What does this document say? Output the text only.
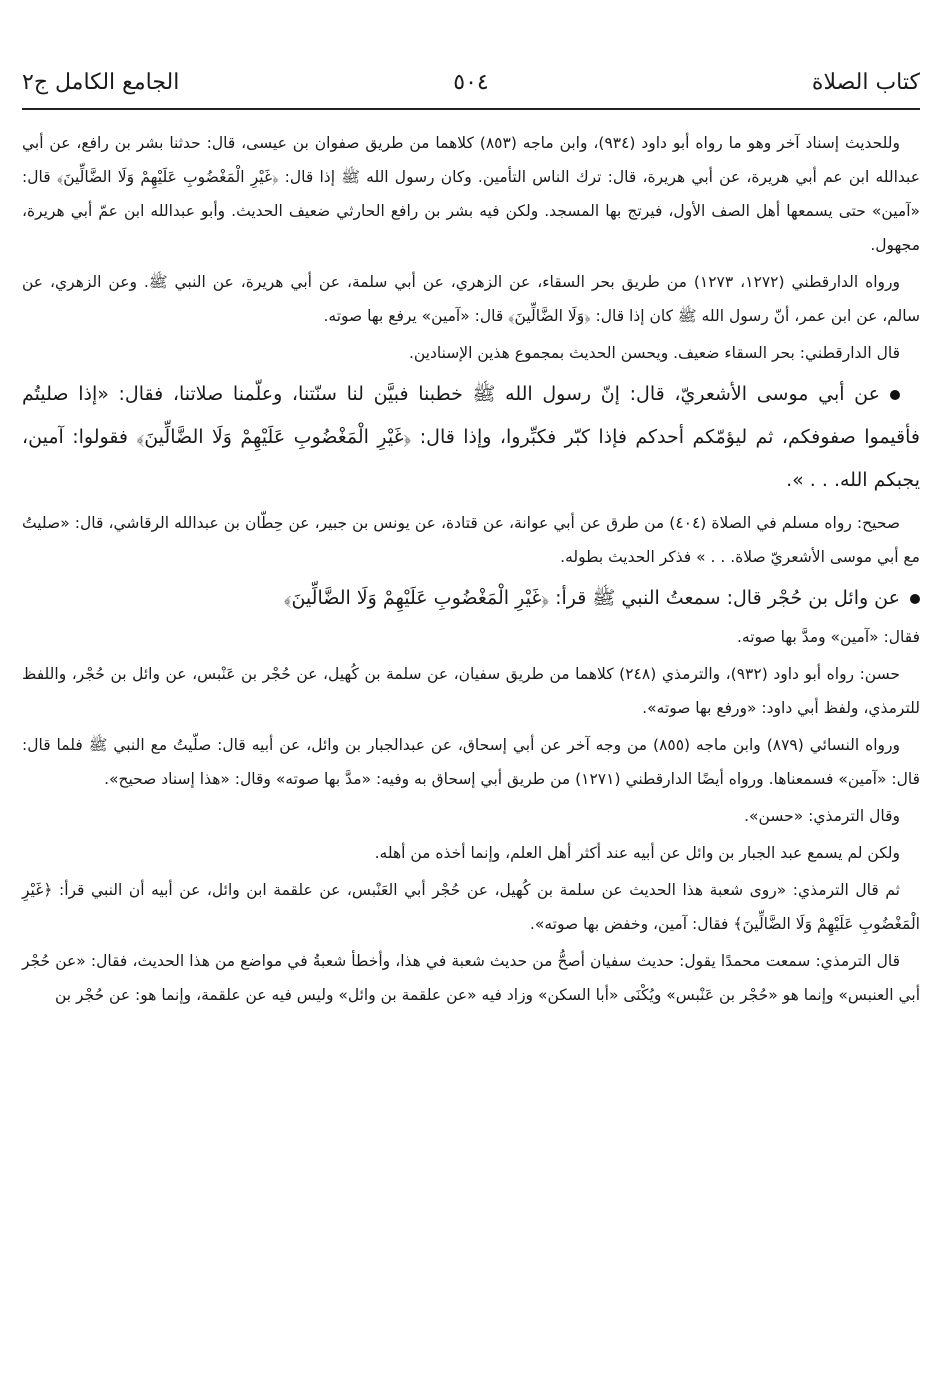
كتاب الصلاة
٥٠٤
الجامع الكامل ج٢

وللحديث إسناد آخر وهو ما رواه أبو داود (٩٣٤)، وابن ماجه (٨٥٣) كلاهما من طريق صفوان بن عيسى، قال: حدثنا بشر بن رافع، عن أبي عبدالله ابن عم أبي هريرة، عن أبي هريرة، قال: ترك الناس التأمين. وكان رسول الله ﷺ إذا قال: ﴿غَيْرِ الْمَغْضُوبِ عَلَيْهِمْ وَلَا الضَّالِّينَ﴾ قال: «آمين» حتى يسمعها أهل الصف الأول، فيرتج بها المسجد. ولكن فيه بشر بن رافع الحارثي ضعيف الحديث. وأبو عبدالله ابن عمّ أبي هريرة، مجهول.

ورواه الدارقطني (١٢٧٢، ١٢٧٣) من طريق بحر السقاء، عن الزهري، عن أبي سلمة، عن أبي هريرة، عن النبي ﷺ. وعن الزهري، عن سالم، عن ابن عمر، أنّ رسول الله ﷺ كان إذا قال: ﴿وَلَا الضَّالِّينَ﴾ قال: «آمين» يرفع بها صوته.

قال الدارقطني: بحر السقاء ضعيف. ويحسن الحديث بمجموع هذين الإسنادين.

عن أبي موسى الأشعريّ، قال: إنّ رسول الله ﷺ خطبنا فبيَّن لنا سنّتنا، وعلّمنا صلاتنا، فقال: «إذا صليتُم فأقيموا صفوفكم، ثم ليؤمّكم أحدكم فإذا كبّر فكبِّروا، وإذا قال: ﴿غَيْرِ الْمَغْضُوبِ عَلَيْهِمْ وَلَا الضَّالِّينَ﴾ فقولوا: آمين، يجبكم الله. . . ».

صحيح: رواه مسلم في الصلاة (٤٠٤) من طرق عن أبي عوانة، عن قتادة، عن يونس بن جبير، عن حِطّان بن عبدالله الرقاشي، قال: «صليتُ مع أبي موسى الأشعريّ صلاة. . . » فذكر الحديث بطوله.

عن وائل بن حُجْر قال: سمعتُ النبي ﷺ قرأ: ﴿غَيْرِ الْمَغْضُوبِ عَلَيْهِمْ وَلَا الضَّالِّينَ﴾

فقال: «آمين» ومدَّ بها صوته.

حسن: رواه أبو داود (٩٣٢)، والترمذي (٢٤٨) كلاهما من طريق سفيان، عن سلمة بن كُهيل، عن حُجْر بن عَنْبس، عن وائل بن حُجْر، واللفظ للترمذي، ولفظ أبي داود: «ورفع بها صوته».

ورواه النسائي (٨٧٩) وابن ماجه (٨٥٥) من وجه آخر عن أبي إسحاق، عن عبدالجبار بن وائل، عن أبيه قال: صلّيتُ مع النبي ﷺ فلما قال: قال: «آمين» فسمعناها. ورواه أيضًا الدارقطني (١٢٧١) من طريق أبي إسحاق به وفيه: «مدَّ بها صوته» وقال: «هذا إسناد صحيح».

وقال الترمذي: «حسن».

ولكن لم يسمع عبد الجبار بن وائل عن أبيه عند أكثر أهل العلم، وإنما أخذه من أهله.

ثم قال الترمذي: «روى شعبة هذا الحديث عن سلمة بن كُهيل، عن حُجْر أبي العَنْبس، عن علقمة ابن وائل، عن أبيه أن النبي قرأ: ﴿غَيْرِ الْمَغْضُوبِ عَلَيْهِمْ وَلَا الضَّالِّينَ﴾ فقال: آمين، وخفض بها صوته».

قال الترمذي: سمعت محمدًا يقول: حديث سفيان أصحُّ من حديث شعبة في هذا، وأخطأ شعبةُ في مواضع من هذا الحديث، فقال: «عن حُجْر أبي العنبس» وإنما هو «حُجْر بن عَنْبس» ويُكْنَى «أبا السكن» وزاد فيه «عن علقمة بن وائل» وليس فيه عن علقمة، وإنما هو: عن حُجْر بن
